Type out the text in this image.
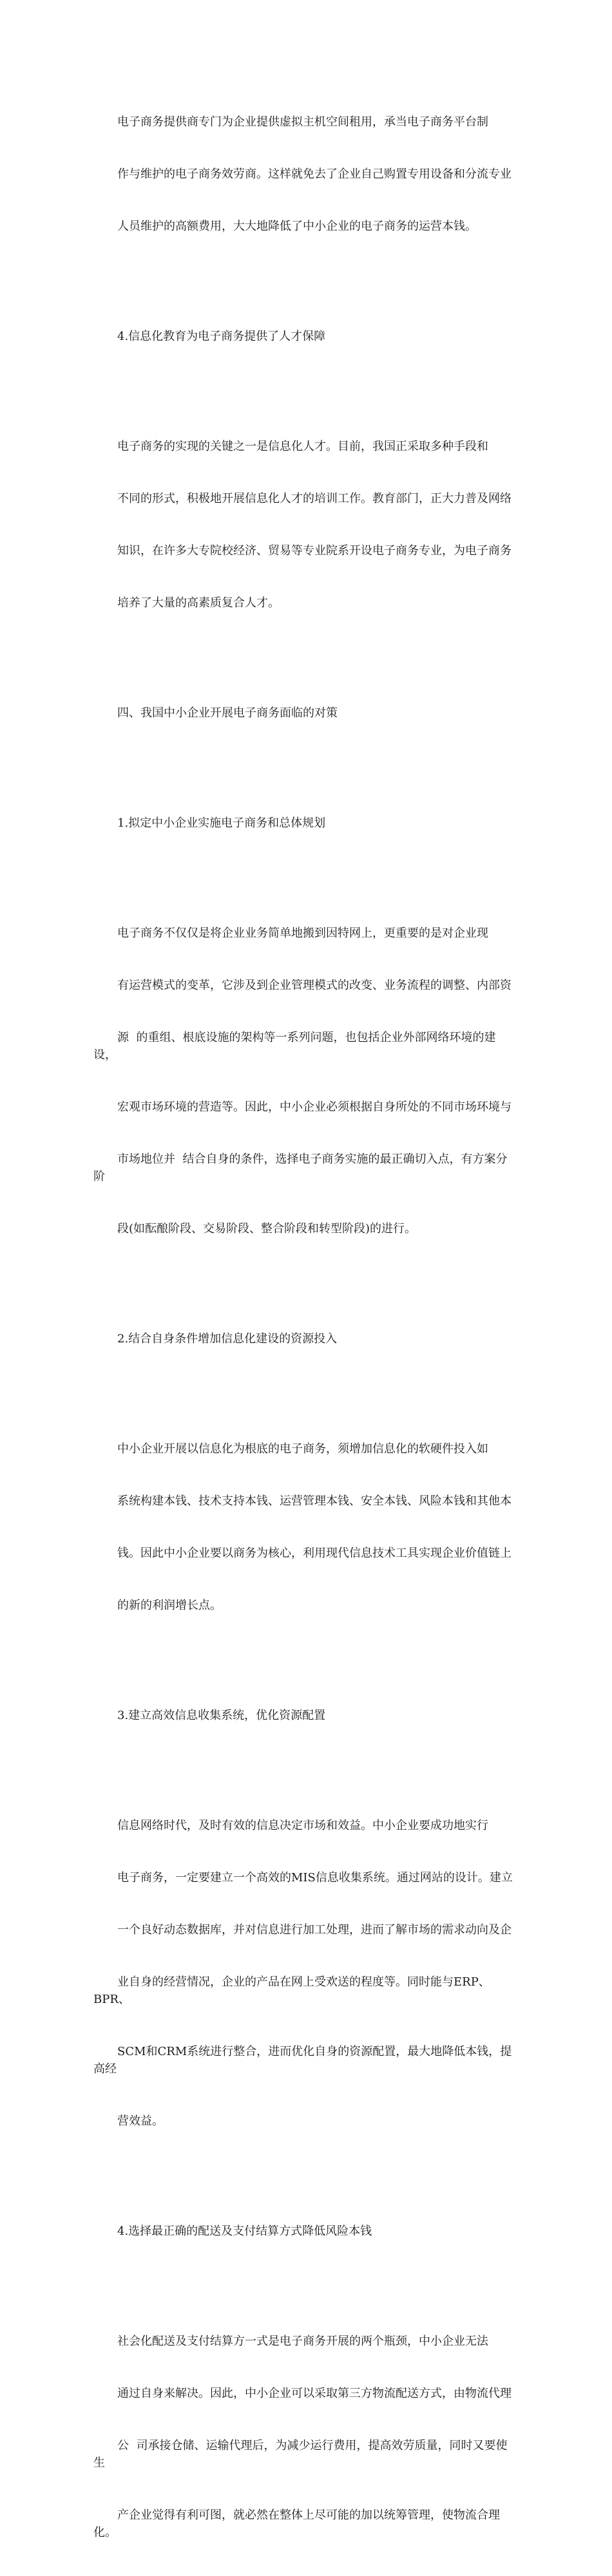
电子商务提供商专门为企业提供虚拟主机空间租用，承当电子商务平台制

作与维护的电子商务效劳商。这样就免去了企业自己购置专用设备和分流专业

人员维护的高额费用，大大地降低了中小企业的电子商务的运营本钱。

4.信息化教育为电子商务提供了人才保障

电子商务的实现的关键之一是信息化人才。目前，我国正采取多种手段和

不同的形式，积极地开展信息化人才的培训工作。教育部门，正大力普及网络

知识，在许多大专院校经济、贸易等专业院系开设电子商务专业，为电子商务

培养了大量的高素质复合人才。

四、我国中小企业开展电子商务面临的对策

1.拟定中小企业实施电子商务和总体规划

电子商务不仅仅是将企业业务简单地搬到因特网上，更重要的是对企业现

有运营模式的变革，它涉及到企业管理模式的改变、业务流程的调整、内部资

源  的重组、根底设施的架构等一系列问题，也包括企业外部网络环境的建设，

宏观市场环境的营造等。因此，中小企业必须根据自身所处的不同市场环境与

市场地位并  结合自身的条件，选择电子商务实施的最正确切入点，有方案分阶

段(如酝酿阶段、交易阶段、整合阶段和转型阶段)的进行。

2.结合自身条件增加信息化建设的资源投入

中小企业开展以信息化为根底的电子商务，须增加信息化的软硬件投入如

系统构建本钱、技术支持本钱、运营管理本钱、安全本钱、风险本钱和其他本

钱。因此中小企业要以商务为核心，利用现代信息技术工具实现企业价值链上

的新的利润增长点。

3.建立高效信息收集系统，优化资源配置

信息网络时代，及时有效的信息决定市场和效益。中小企业要成功地实行

电子商务，一定要建立一个高效的MIS信息收集系统。通过网站的设计。建立

一个良好动态数据库，并对信息进行加工处理，进而了解市场的需求动向及企

业自身的经营情况，企业的产品在网上受欢送的程度等。同时能与ERP、BPR、

SCM和CRM系统进行整合，进而优化自身的资源配置，最大地降低本钱，提高经

营效益。

4.选择最正确的配送及支付结算方式降低风险本钱

社会化配送及支付结算方一式是电子商务开展的两个瓶颈，中小企业无法

通过自身来解决。因此，中小企业可以采取第三方物流配送方式，由物流代理

公  司承接仓储、运输代理后，为减少运行费用，提高效劳质量，同时又要使生

产企业觉得有利可图，就必然在整体上尽可能的加以统筹管理，使物流合理化。
